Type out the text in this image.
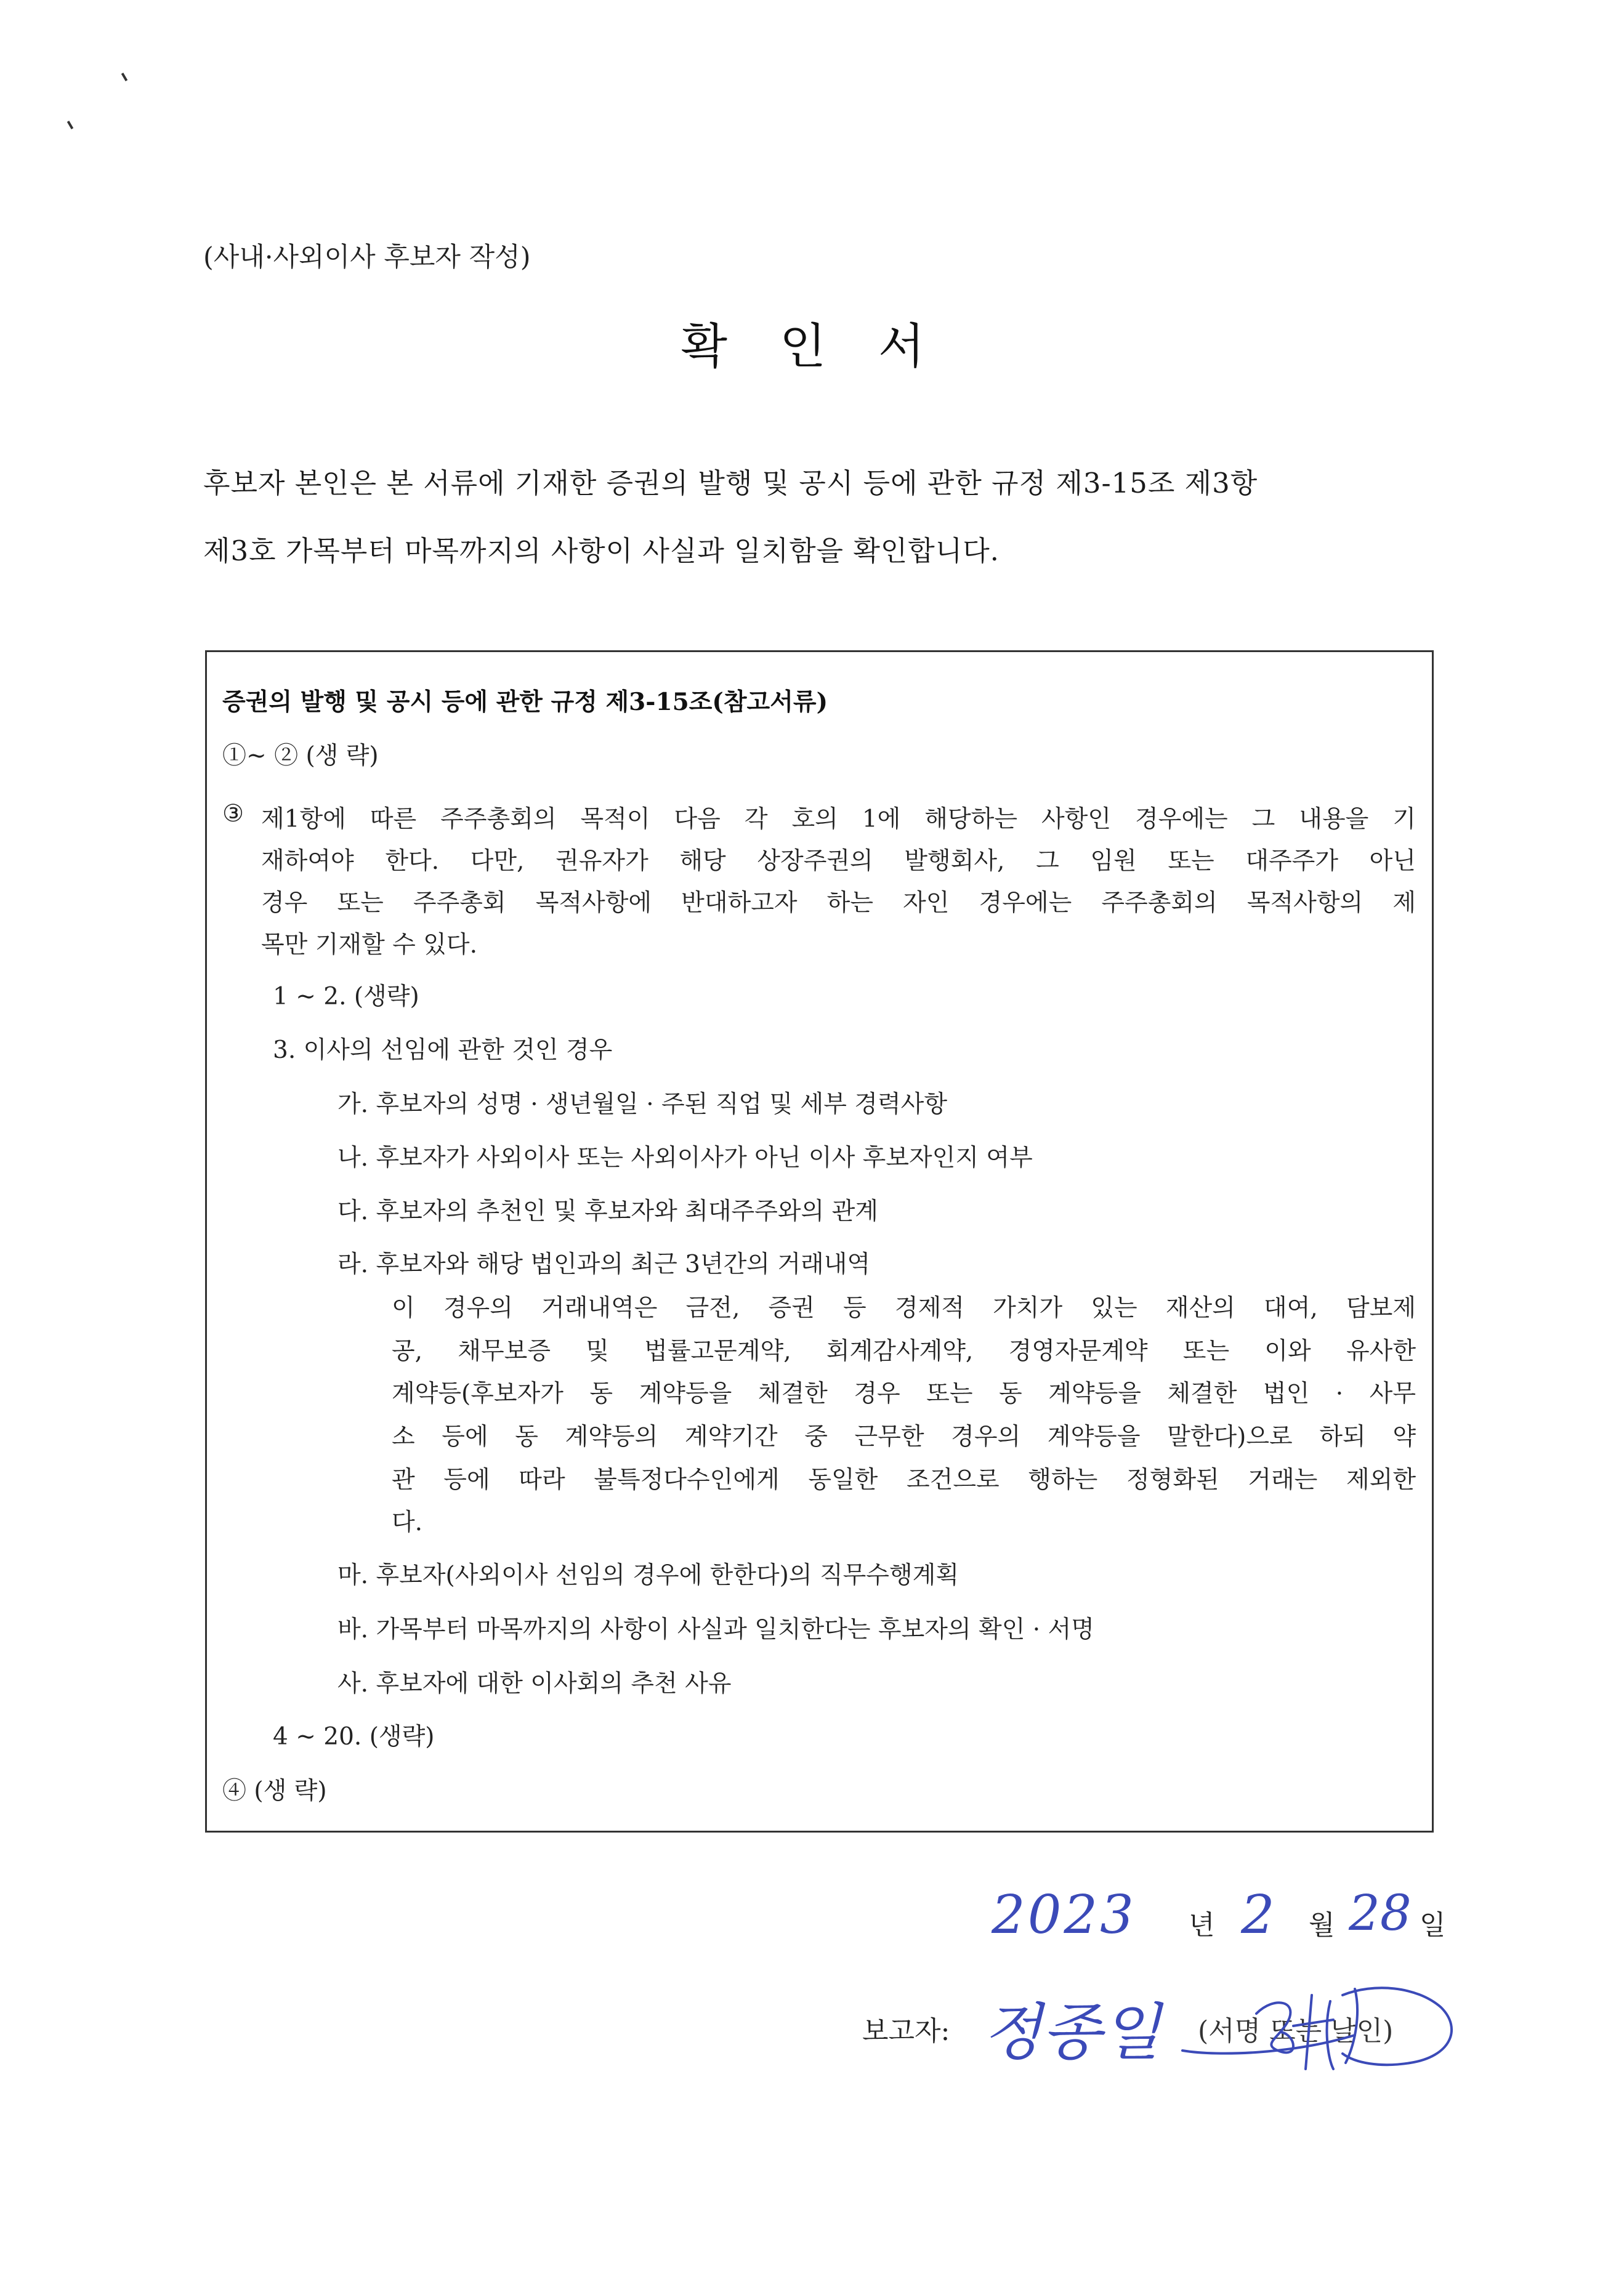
(사내·사외이사 후보자 작성)
확 인 서
후보자 본인은 본 서류에 기재한 증권의 발행 및 공시 등에 관한 규정 제3-15조 제3항
제3호 가목부터 마목까지의 사항이 사실과 일치함을 확인합니다.
증권의 발행 및 공시 등에 관한 규정 제3-15조(참고서류)
①~ ② (생 략)
③ 제1항에 따른 주주총회의 목적이 다음 각 호의 1에 해당하는 사항인 경우에는 그 내용을 기
재하여야 한다. 다만, 권유자가 해당 상장주권의 발행회사, 그 임원 또는 대주주가 아닌
경우 또는 주주총회 목적사항에 반대하고자 하는 자인 경우에는 주주총회의 목적사항의 제
목만 기재할 수 있다.
1 ~ 2. (생략)
3. 이사의 선임에 관한 것인 경우
가. 후보자의 성명 · 생년월일 · 주된 직업 및 세부 경력사항
나. 후보자가 사외이사 또는 사외이사가 아닌 이사 후보자인지 여부
다. 후보자의 추천인 및 후보자와 최대주주와의 관계
라. 후보자와 해당 법인과의 최근 3년간의 거래내역
이 경우의 거래내역은 금전, 증권 등 경제적 가치가 있는 재산의 대여, 담보제
공, 채무보증 및 법률고문계약, 회계감사계약, 경영자문계약 또는 이와 유사한
계약등(후보자가 동 계약등을 체결한 경우 또는 동 계약등을 체결한 법인 · 사무
소 등에 동 계약등의 계약기간 중 근무한 경우의 계약등을 말한다)으로 하되 약
관 등에 따라 불특정다수인에게 동일한 조건으로 행하는 정형화된 거래는 제외한
다.
마. 후보자(사외이사 선임의 경우에 한한다)의 직무수행계획
바. 가목부터 마목까지의 사항이 사실과 일치한다는 후보자의 확인 · 서명
사. 후보자에 대한 이사회의 추천 사유
4 ~ 20. (생략)
④ (생 략)
2023 년 2 월 28 일
보고자: 정종일 (서명 또는 날인)
